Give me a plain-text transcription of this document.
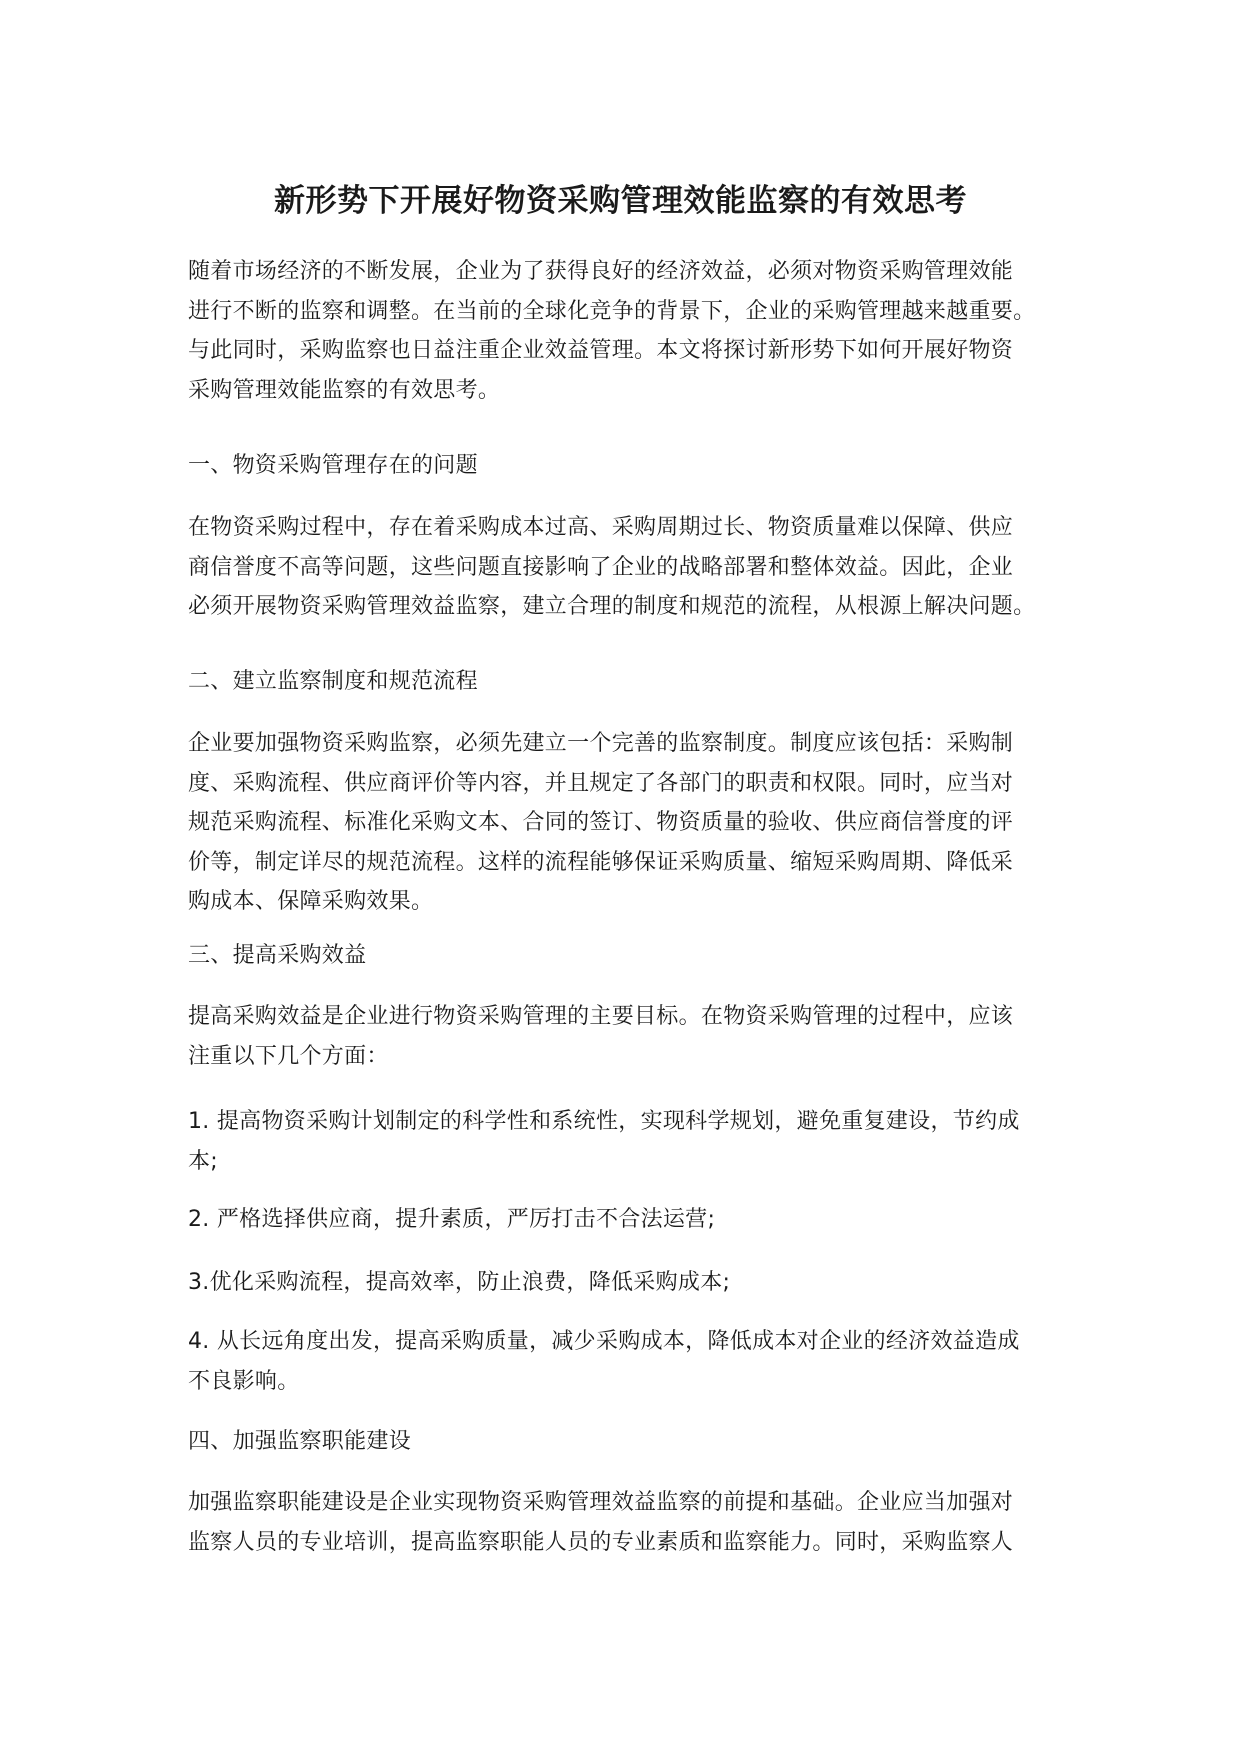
新形势下开展好物资采购管理效能监察的有效思考

随着市场经济的不断发展，企业为了获得良好的经济效益，必须对物资采购管理效能
进行不断的监察和调整。在当前的全球化竞争的背景下，企业的采购管理越来越重要。
与此同时，采购监察也日益注重企业效益管理。本文将探讨新形势下如何开展好物资
采购管理效能监察的有效思考。

一、物资采购管理存在的问题

在物资采购过程中，存在着采购成本过高、采购周期过长、物资质量难以保障、供应
商信誉度不高等问题，这些问题直接影响了企业的战略部署和整体效益。因此，企业
必须开展物资采购管理效益监察，建立合理的制度和规范的流程，从根源上解决问题。

二、建立监察制度和规范流程

企业要加强物资采购监察，必须先建立一个完善的监察制度。制度应该包括：采购制
度、采购流程、供应商评价等内容，并且规定了各部门的职责和权限。同时，应当对
规范采购流程、标准化采购文本、合同的签订、物资质量的验收、供应商信誉度的评
价等，制定详尽的规范流程。这样的流程能够保证采购质量、缩短采购周期、降低采
购成本、保障采购效果。

三、提高采购效益

提高采购效益是企业进行物资采购管理的主要目标。在物资采购管理的过程中，应该
注重以下几个方面：

1. 提高物资采购计划制定的科学性和系统性，实现科学规划，避免重复建设，节约成
本;

2. 严格选择供应商，提升素质，严厉打击不合法运营;

3.优化采购流程，提高效率，防止浪费，降低采购成本;

4. 从长远角度出发，提高采购质量，减少采购成本，降低成本对企业的经济效益造成
不良影响。

四、加强监察职能建设

加强监察职能建设是企业实现物资采购管理效益监察的前提和基础。企业应当加强对
监察人员的专业培训，提高监察职能人员的专业素质和监察能力。同时，采购监察人
